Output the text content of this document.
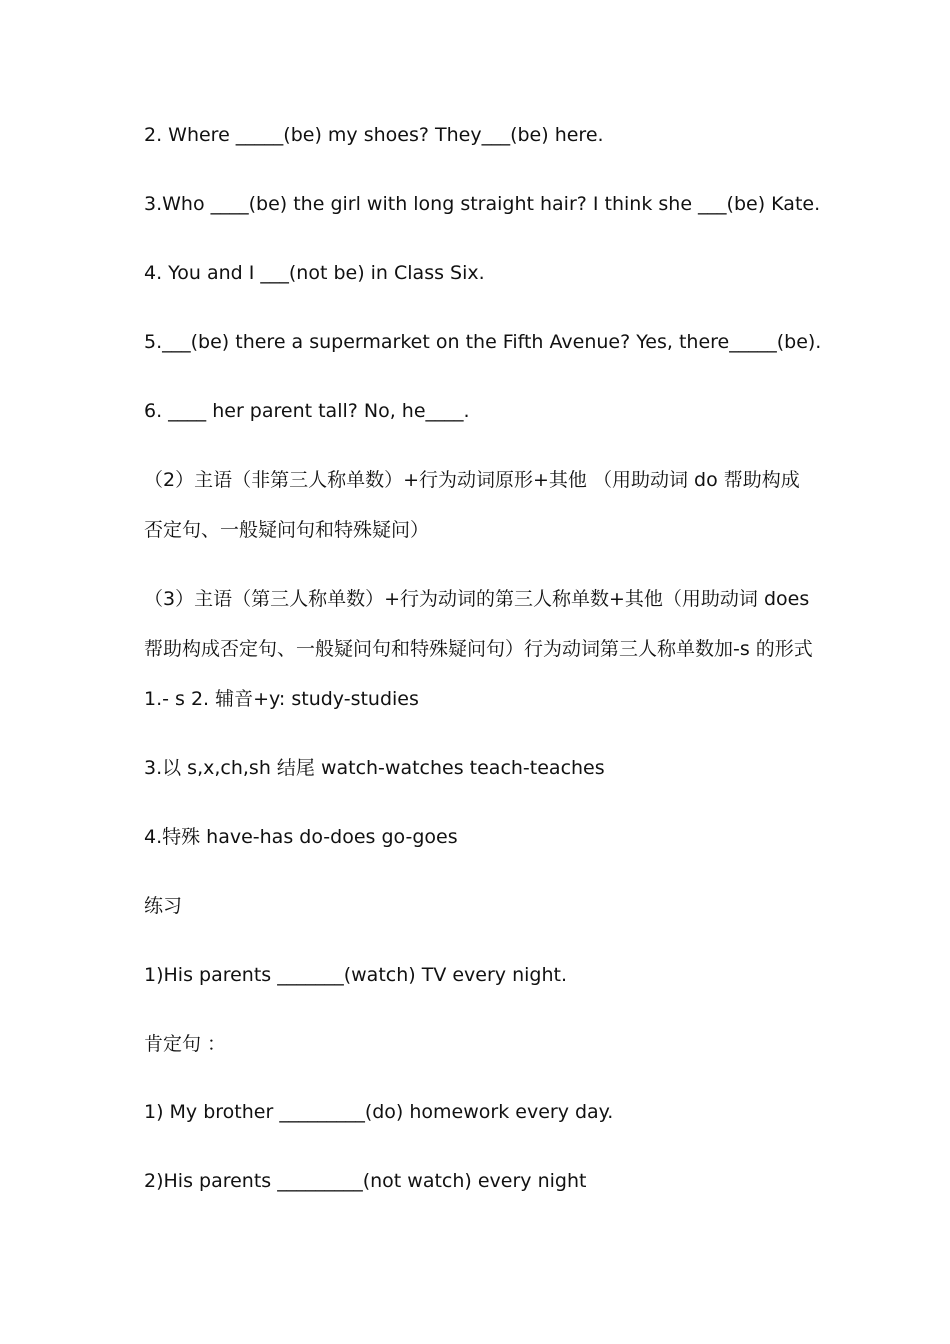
2. Where _____(be) my shoes? They___(be) here.
3.Who ____(be) the girl with long straight hair? I think she ___(be) Kate.
4. You and I ___(not be) in Class Six.
5.___(be) there a supermarket on the Fifth Avenue? Yes, there_____(be).
6. ____ her parent tall? No, he____.
（2）主语（非第三人称单数）+行为动词原形+其他 （用助动词 do 帮助构成否定句、一般疑问句和特殊疑问）
（3）主语（第三人称单数）+行为动词的第三人称单数+其他（用助动词 does 帮助构成否定句、一般疑问句和特殊疑问句）行为动词第三人称单数加-s 的形式 1.- s 2. 辅音+y: study-studies
3.以 s,x,ch,sh 结尾 watch-watches teach-teaches
4.特殊 have-has do-does go-goes
练习
1)His parents _______(watch) TV every night.
肯定句 ：
1) My brother _________(do) homework every day.
2)His parents _________(not watch) every night
